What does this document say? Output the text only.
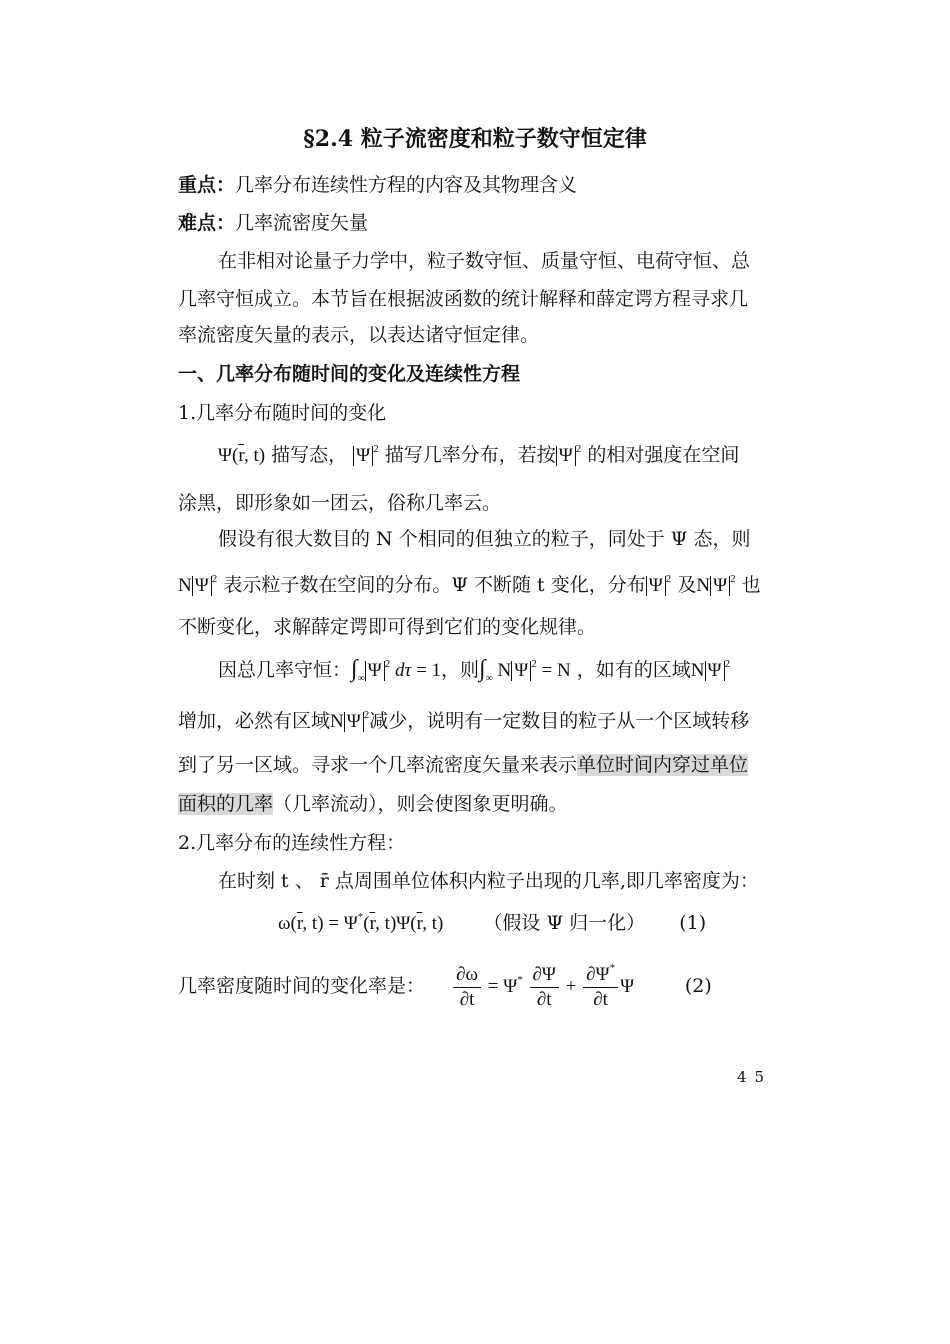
§2.4 粒子流密度和粒子数守恒定律
重点：几率分布连续性方程的内容及其物理含义
难点：几率流密度矢量
在非相对论量子力学中，粒子数守恒、质量守恒、电荷守恒、总
几率守恒成立。本节旨在根据波函数的统计解释和薛定谔方程寻求几
率流密度矢量的表示，以表达诸守恒定律。
一、几率分布随时间的变化及连续性方程
1.几率分布随时间的变化
$\Psi(\overline{r}$, t) 描写态， Ψ $^2$ 描写几率分布，若按 Ψ $^2$ 的相对强度在空间
涂黑，即形象如一团云，俗称几率云。
假设有很大数目的 N 个相同的但独立的粒子，同处于 Ψ 态，则
N Ψ $^2$ 表示粒子数在空间的分布。Ψ 不断随 t 变化，分布 Ψ $^2$ 及N Ψ $^2$ 也
不断变化，求解薛定谔即可得到它们的变化规律。
因总几率守恒：$\int_\infty$ Ψ $^2$ dτ = 1，则$\int_\infty$ N Ψ $^2$ = N ，如有的区域N Ψ $^2$
增加，必然有区域N Ψ $^2$减少，说明有一定数目的粒子从一个区域转移
到了另一区域。寻求一个几率流密度矢量来表示单位时间内穿过单位
面积的几率（几率流动），则会使图象更明确。
2.几率分布的连续性方程：
在时刻 t 、 r̄ 点周围单位体积内粒子出现的几率,即几率密度为：
$\omega(\overline{r}$, $t) = \Psi^*(\overline{r}$, $t)\Psi(\overline{r}$, t) （假设 Ψ 归一化） (1)
几率密度随时间的变化率是： $\frac{\partial\omega}{\partial t} = \Psi^* \frac{\partial\Psi}{\partial t} + \frac{\partial\Psi^*}{\partial t}$ Ψ  (2)
45
